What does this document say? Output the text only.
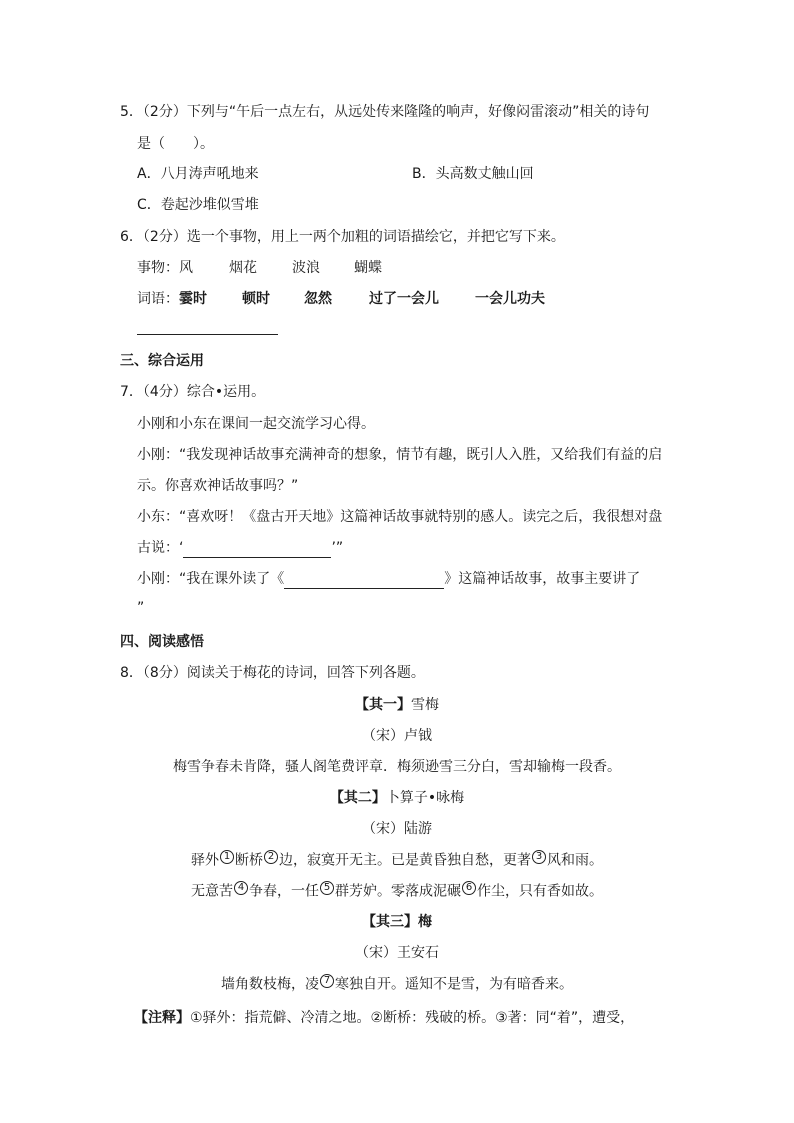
5．（2分）下列与“午后一点左右，从远处传来隆隆的响声，好像闷雷滚动”相关的诗句
是（　　）。
A．八月涛声吼地来	B．头高数丈触山回
C．卷起沙堆似雪堆
6．（2分）选一个事物，用上一两个加粗的词语描绘它，并把它写下来。
事物：风	烟花	波浪 蝴蝶
词语：霎时	顿时 忽然	过了一会儿	一会儿功夫
三、综合运用
7．（4分）综合•运用。
小刚和小东在课间一起交流学习心得。
小刚：“我发现神话故事充满神奇的想象，情节有趣，既引人入胜，又给我们有益的启
示。你喜欢神话故事吗？”
小东：“喜欢呀！《盘古开天地》这篇神话故事就特别的感人。读完之后，我很想对盘
古说：‘	’”
小刚：“我在课外读了《	》这篇神话故事，故事主要讲了
”
四、阅读感悟
8．（8分）阅读关于梅花的诗词，回答下列各题。
【其一】雪梅
（宋）卢钺
梅雪争春未肯降，骚人阁笔费评章．梅须逊雪三分白，雪却输梅一段香。
【其二】卜算子•咏梅
（宋）陆游
驿外 1 断桥 2 边，寂寞开无主。已是黄昏独自愁，更著 3 风和雨。
无意苦 4 争春，一任 5 群芳妒。零落成泥碾 6 作尘，只有香如故。
【其三】梅
（宋）王安石
墙角数枝梅，凌 7 寒独自开。遥知不是雪，为有暗香来。
【注释】①驿外：指荒僻、冷清之地。②断桥：残破的桥。③著：同“着”，遭受，
